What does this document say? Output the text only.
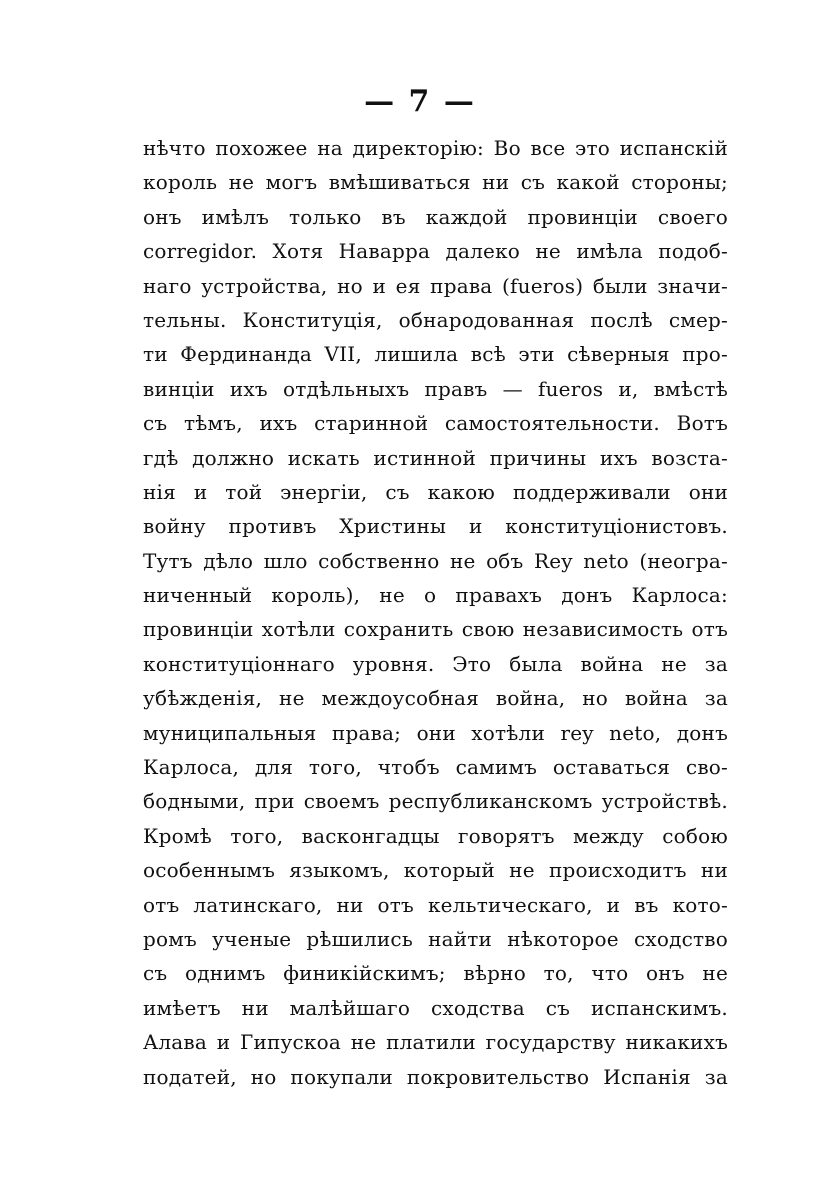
— 7 —
нѣчто похожее на директорію: Во все это испанскій
король не могъ вмѣшиваться ни съ какой стороны;
онъ имѣлъ только въ каждой провинціи своего
corregidor. Хотя Наварра далеко не имѣла подоб-
наго устройства, но и ея права (fueros) были значи-
тельны. Конституція, обнародованная послѣ смер-
ти Фердинанда VII, лишила всѣ эти сѣверныя про-
винціи ихъ отдѣльныхъ правъ — fueros и, вмѣстѣ
съ тѣмъ, ихъ старинной самостоятельности. Вотъ
гдѣ должно искать истинной причины ихъ возста-
нія и той энергіи, съ какою поддерживали они
войну противъ Христины и конституціонистовъ.
Тутъ дѣло шло собственно не объ Rey neto (неогра-
ниченный король), не о правахъ донъ Карлоса:
провинціи хотѣли сохранить свою независимость отъ
конституціоннаго уровня. Это была война не за
убѣжденія, не междоусобная война, но война за
муниципальныя права; они хотѣли rey neto, донъ
Карлоса, для того, чтобъ самимъ оставаться сво-
бодными, при своемъ республиканскомъ устройствѣ.
Кромѣ того, васконгадцы говорятъ между собою
особеннымъ языкомъ, который не происходитъ ни
отъ латинскаго, ни отъ кельтическаго, и въ кото-
ромъ ученые рѣшились найти нѣкоторое сходство
съ однимъ финикійскимъ; вѣрно то, что онъ не
имѣетъ ни малѣйшаго сходства съ испанскимъ.
Алава и Гипускоа не платили государству никакихъ
податей, но покупали покровительство Испанія за
